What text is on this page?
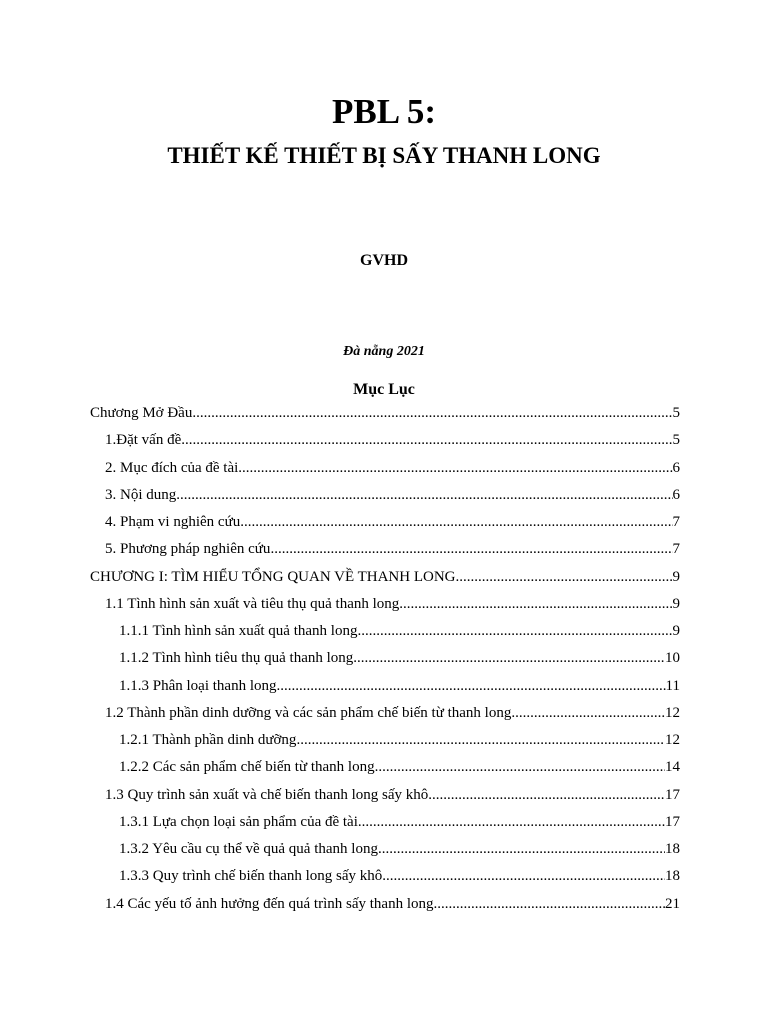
PBL 5:
THIẾT KẾ THIẾT BỊ SẤY THANH LONG
GVHD
Đà nẵng 2021
Mục Lục
Chương Mở Đầu .....	5
1.Đặt vấn đề .....	5
2. Mục đích của đề tài .....	6
3. Nội dung .....	6
4. Phạm vi nghiên cứu .....	7
5. Phương pháp nghiên cứu .....	7
CHƯƠNG I: TÌM HIỂU TỔNG QUAN VỀ THANH LONG .....	9
1.1 Tình hình sản xuất và tiêu thụ quả thanh long .....	9
1.1.1 Tình hình sản xuất quả thanh long .....	9
1.1.2 Tình hình tiêu thụ quả thanh long .....	10
1.1.3 Phân loại thanh long .....	11
1.2 Thành phần dinh dưỡng và các sản phẩm chế biến từ thanh long .....	12
1.2.1 Thành phần dinh dưỡng .....	12
1.2.2 Các sản phẩm chế biến từ thanh long .....	14
1.3 Quy trình sản xuất và chế biến thanh long sấy khô .....	17
1.3.1 Lựa chọn loại sản phẩm của đề tài .....	17
1.3.2 Yêu cầu cụ thể về quả quả thanh long .....	18
1.3.3 Quy trình chế biến thanh long sấy khô .....	18
1.4 Các yếu tố ảnh hưởng đến quá trình sấy thanh long .....	21
